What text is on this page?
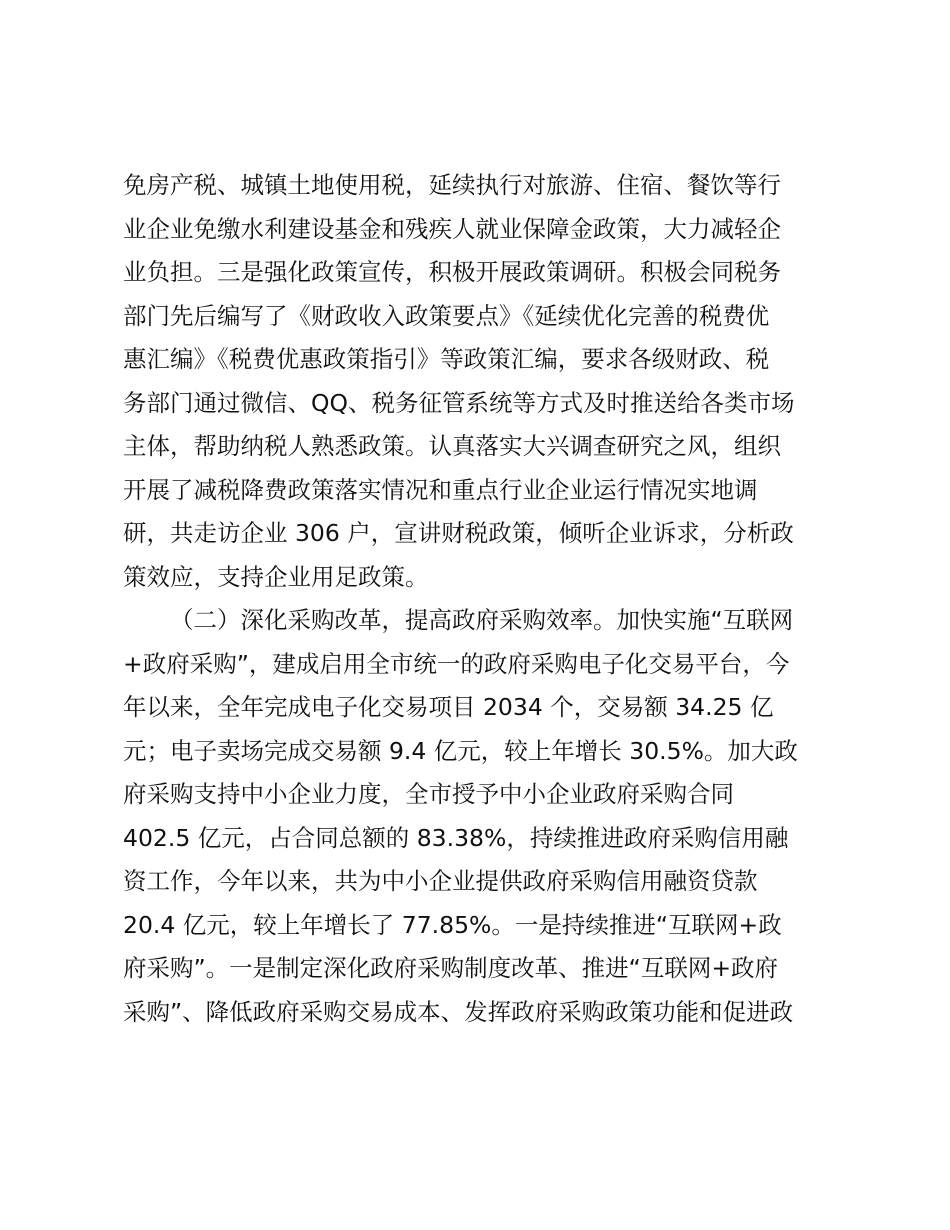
免房产税、城镇土地使用税，延续执行对旅游、住宿、餐饮等行
业企业免缴水利建设基金和残疾人就业保障金政策，大力减轻企
业负担。三是强化政策宣传，积极开展政策调研。积极会同税务
部门先后编写了《财政收入政策要点》《延续优化完善的税费优
惠汇编》《税费优惠政策指引》等政策汇编，要求各级财政、税
务部门通过微信、QQ、税务征管系统等方式及时推送给各类市场
主体，帮助纳税人熟悉政策。认真落实大兴调查研究之风，组织
开展了减税降费政策落实情况和重点行业企业运行情况实地调
研，共走访企业 306 户，宣讲财税政策，倾听企业诉求，分析政
策效应，支持企业用足政策。
（二）深化采购改革，提高政府采购效率。加快实施“互联网
+政府采购”，建成启用全市统一的政府采购电子化交易平台，今
年以来，全年完成电子化交易项目 2034 个，交易额 34.25 亿
元；电子卖场完成交易额 9.4 亿元，较上年增长 30.5%。加大政
府采购支持中小企业力度，全市授予中小企业政府采购合同
402.5 亿元，占合同总额的 83.38%，持续推进政府采购信用融
资工作，今年以来，共为中小企业提供政府采购信用融资贷款
20.4 亿元，较上年增长了 77.85%。一是持续推进“互联网+政
府采购”。一是制定深化政府采购制度改革、推进“互联网+政府
采购”、降低政府采购交易成本、发挥政府采购政策功能和促进政
